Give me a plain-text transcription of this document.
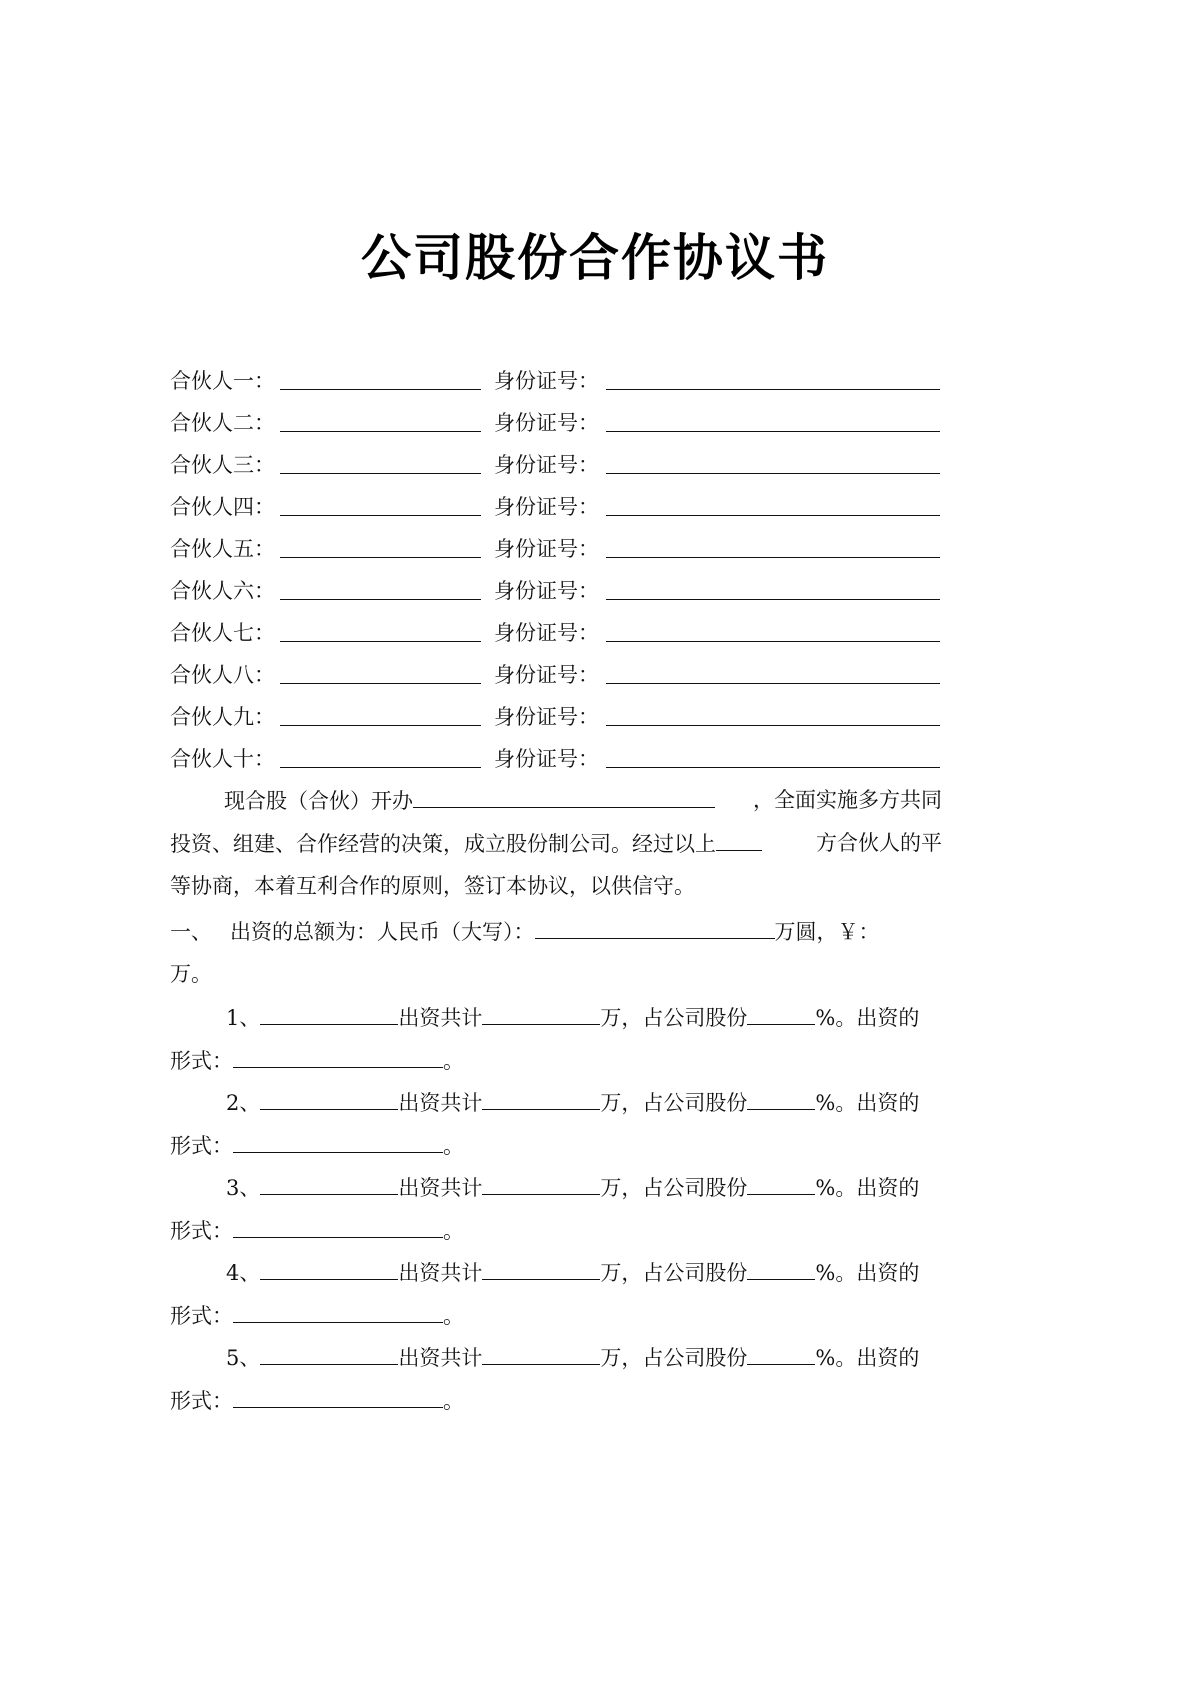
公司股份合作协议书
合伙人一：	身份证号：
合伙人二：	身份证号：
合伙人三：	身份证号：
合伙人四：	身份证号：
合伙人五：	身份证号：
合伙人六：	身份证号：
合伙人七：	身份证号：
合伙人八：	身份证号：
合伙人九：	身份证号：
合伙人十：	身份证号：
现合股（合伙）开办	，全面实施多方共同
投资、组建、合作经营的决策，成立股份制公司。经过以上	方合伙人的平
等协商，本着互利合作的原则，签订本协议，以供信守。
一、 出资的总额为：人民币（大写）：	万圆，￥：
万。
1、	出资共计	万，占公司股份	%。出资的
形式：	。
2、	出资共计	万，占公司股份	%。出资的
形式：	。
3、	出资共计	万，占公司股份	%。出资的
形式：	。
4、	出资共计	万，占公司股份	%。出资的
形式：	。
5、	出资共计	万，占公司股份	%。出资的
形式：	。
